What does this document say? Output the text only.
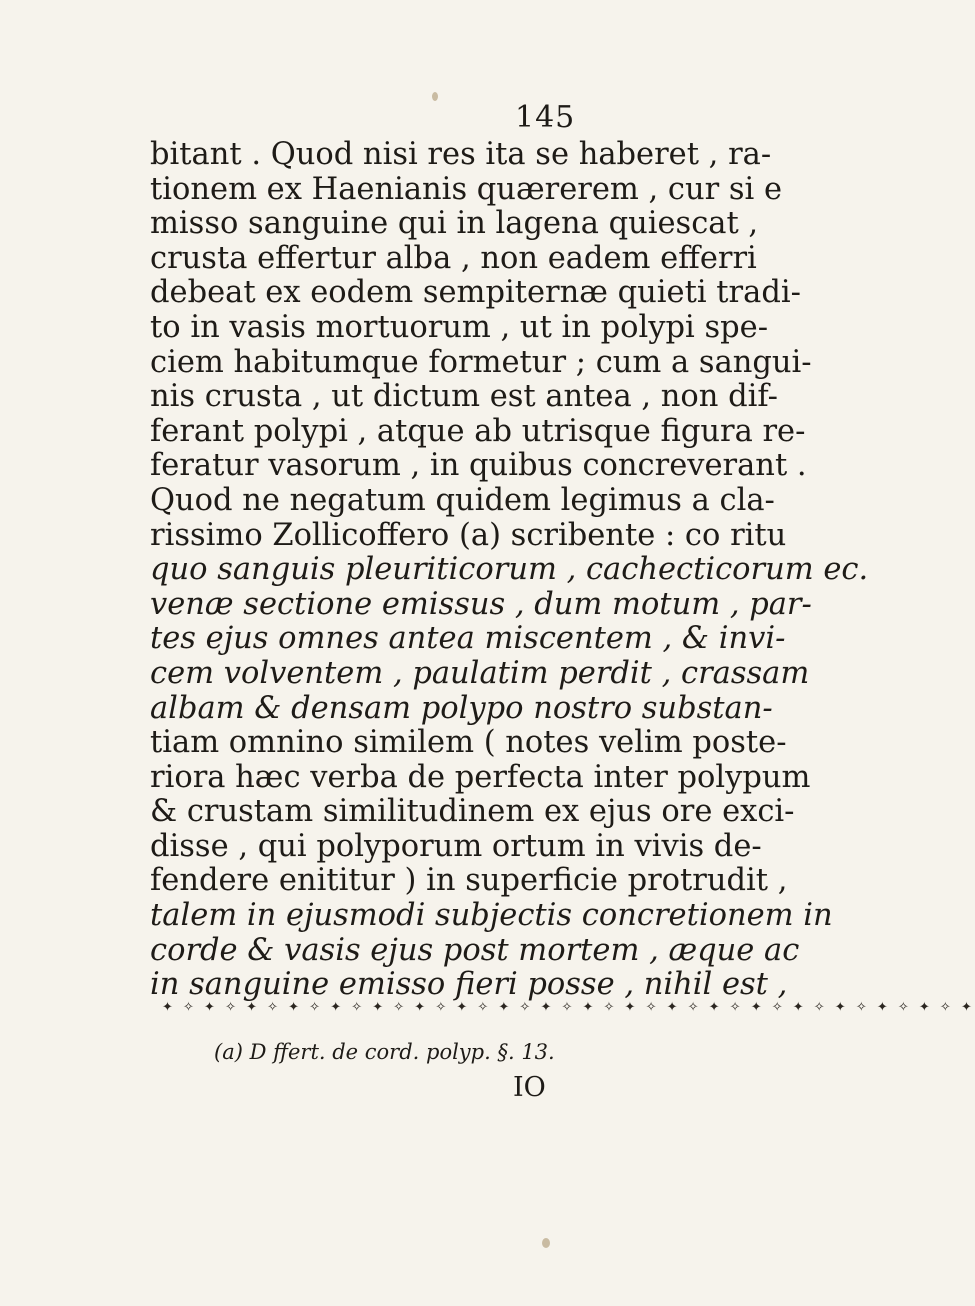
145
bitant . Quod nisi res ita se haberet , ra-
tionem ex Haenianis quærerem , cur si e
misso sanguine qui in lagena quiescat ,
crusta effertur alba , non eadem efferri
debeat ex eodem sempiternæ quieti tradi-
to in vasis mortuorum , ut in polypi spe-
ciem habitumque formetur ; cum a sangui-
nis crusta , ut dictum est antea , non dif-
ferant polypi , atque ab utrisque figura re-
feratur vasorum , in quibus concreverant .
Quod ne negatum quidem legimus a cla-
rissimo Zollicoffero (a) scribente : co ritu
quo sanguis pleuriticorum , cachecticorum ec.
venæ sectione emissus , dum motum , par-
tes ejus omnes antea miscentem , & invi-
cem volventem , paulatim perdit , crassam
albam & densam polypo nostro substan-
tiam omnino similem ( notes velim poste-
riora hæc verba de perfecta inter polypum
& crustam similitudinem ex ejus ore exci-
disse , qui polyporum ortum in vivis de-
fendere enititur ) in superficie protrudit ,
talem in ejusmodi subjectis concretionem in
corde & vasis ejus post mortem , æque ac
in sanguine emisso fieri posse , nihil est ,
✦ ✧ ✦ ✧ ✦ ✧ ✦ ✧ ✦ ✧ ✦ ✧ ✦ ✧ ✦ ✧ ✦ ✧ ✦ ✧ ✦ ✧ ✦ ✧ ✦ ✧ ✦ ✧ ✦ ✧ ✦ ✧ ✦ ✧ ✦ ✧ ✦ ✧ ✦
(a) D ffert. de cord. polyp. §. 13.
IO
